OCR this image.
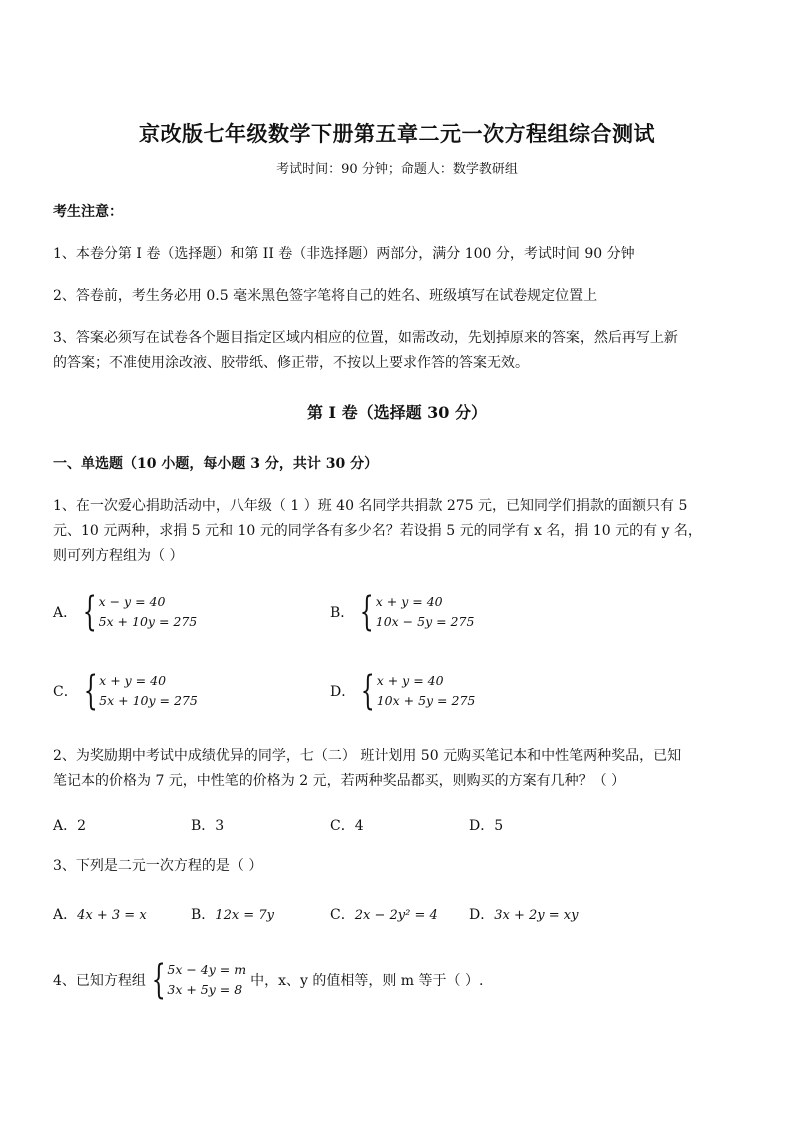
京改版七年级数学下册第五章二元一次方程组综合测试
考试时间：90 分钟；命题人：数学教研组
考生注意：
1、本卷分第 I 卷（选择题）和第 II 卷（非选择题）两部分，满分 100 分，考试时间 90 分钟
2、答卷前，考生务必用 0.5 毫米黑色签字笔将自己的姓名、班级填写在试卷规定位置上
3、答案必须写在试卷各个题目指定区域内相应的位置，如需改动，先划掉原来的答案，然后再写上新
的答案；不准使用涂改液、胶带纸、修正带，不按以上要求作答的答案无效。
第 I 卷（选择题 30 分）
一、单选题（10 小题，每小题 3 分，共计 30 分）
1、在一次爱心捐助活动中，八年级（ 1 ）班 40 名同学共捐款 275 元，已知同学们捐款的面额只有 5
元、10 元两种，求捐 5 元和 10 元的同学各有多少名？若设捐 5 元的同学有 x 名，捐 10 元的有 y 名，
则可列方程组为（ ）
A． { x − y = 40
5x + 10y = 275
B． { x + y = 40
10x − 5y = 275
C． { x + y = 40
5x + 10y = 275
D． { x + y = 40
10x + 5y = 275
2、为奖励期中考试中成绩优异的同学，七（二） 班计划用 50 元购买笔记本和中性笔两种奖品，已知
笔记本的价格为 7 元，中性笔的价格为 2 元，若两种奖品都买，则购买的方案有几种？（ ）
A．2	B．3	C．4	D．5
3、下列是二元一次方程的是（ ）
A．4x + 3 = x	B．12x = 7y	C．2x − 2y² = 4 D．3x + 2y = xy
4、已知方程组 { 5x − 4y = m
3x + 5y = 8
中，x、y 的值相等，则 m 等于（ ）.
